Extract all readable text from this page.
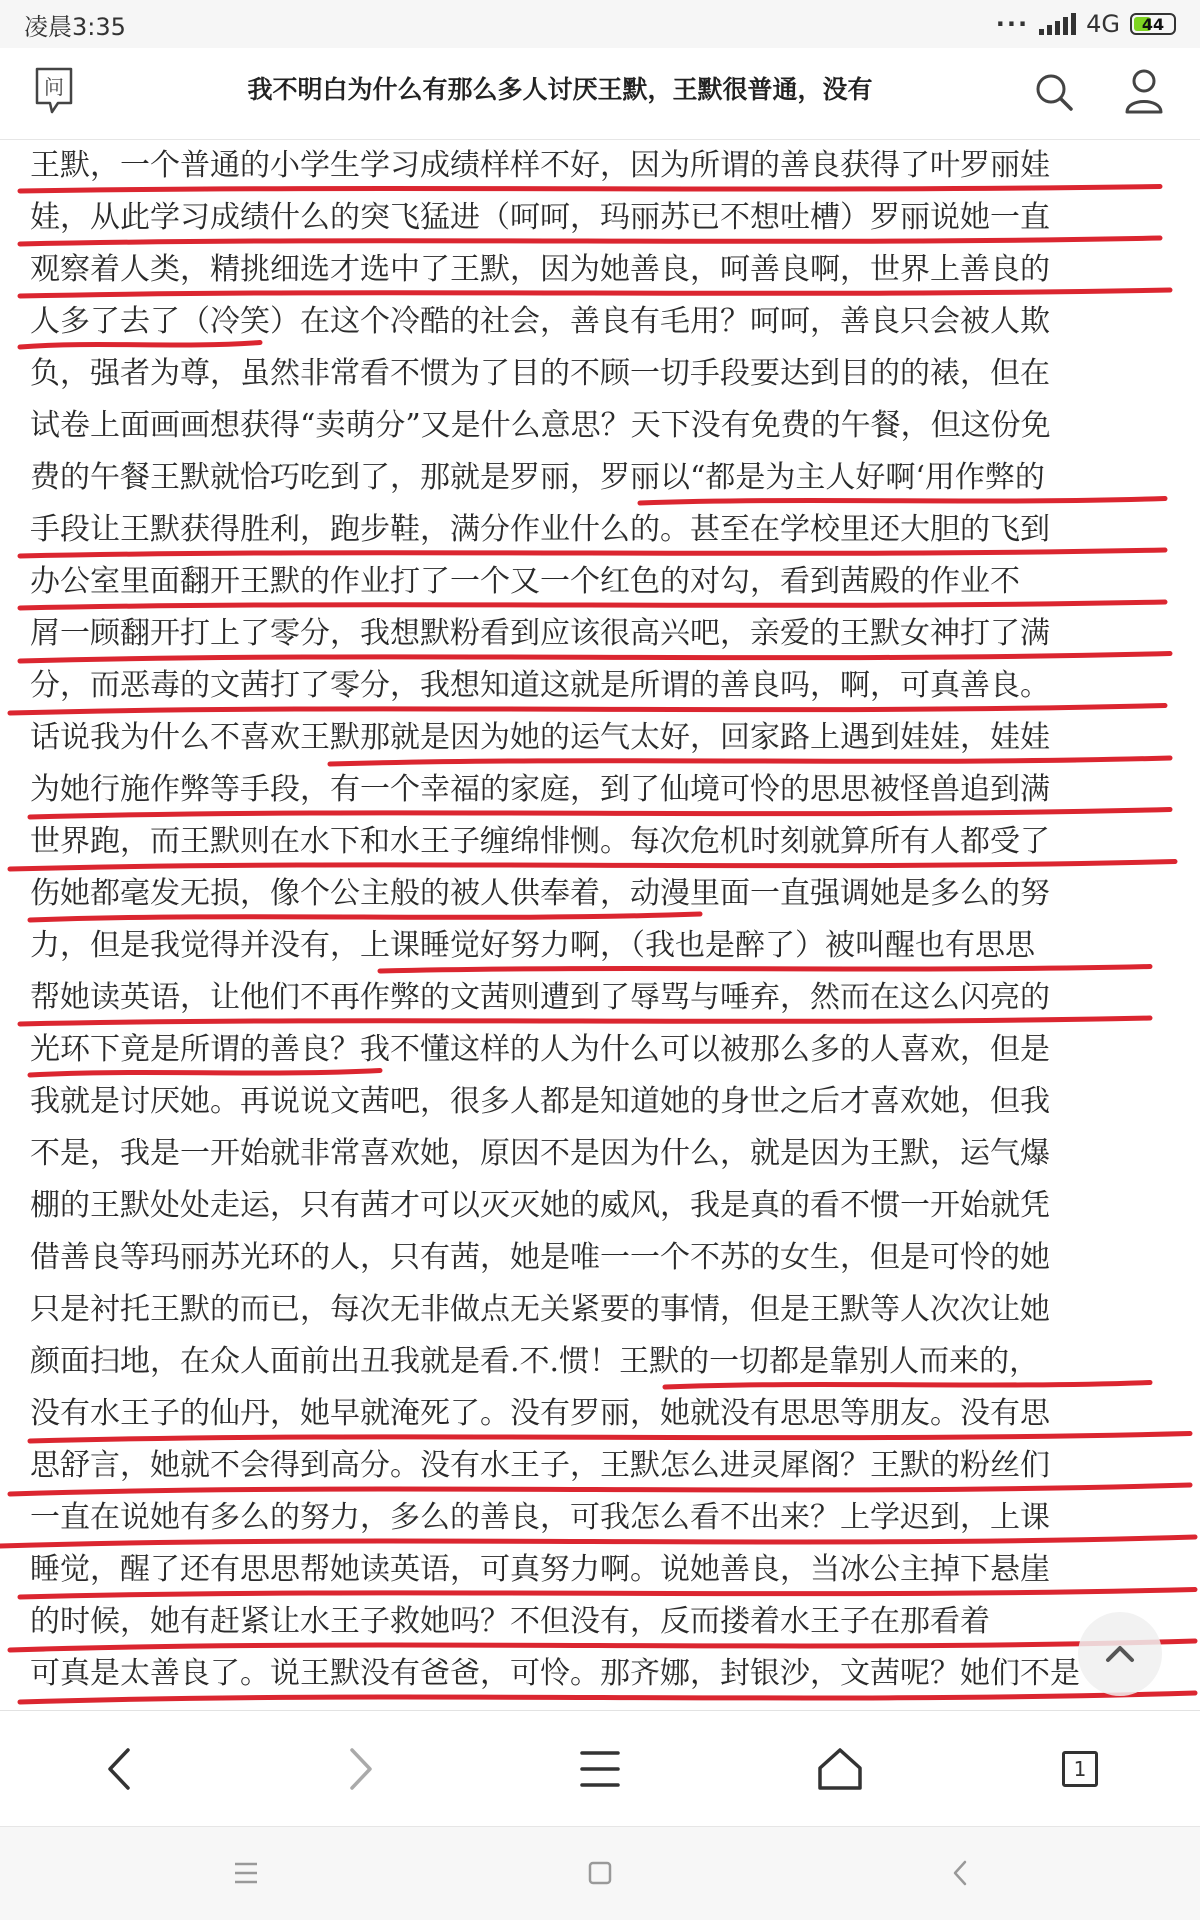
凌晨3:35	··· 4G 44
问	我不明白为什么有那么多人讨厌王默，王默很普通，没有
王默，一个普通的小学生学习成绩样样不好，因为所谓的善良获得了叶罗丽娃
娃，从此学习成绩什么的突飞猛进（呵呵，玛丽苏已不想吐槽）罗丽说她一直
观察着人类，精挑细选才选中了王默，因为她善良，呵善良啊，世界上善良的
人多了去了（冷笑）在这个冷酷的社会，善良有毛用？呵呵，善良只会被人欺
负，强者为尊，虽然非常看不惯为了目的不顾一切手段要达到目的的裱，但在
试卷上面画画想获得“卖萌分”又是什么意思？天下没有免费的午餐，但这份免
费的午餐王默就恰巧吃到了，那就是罗丽，罗丽以“都是为主人好啊‘用作弊的
手段让王默获得胜利，跑步鞋，满分作业什么的。甚至在学校里还大胆的飞到
办公室里面翻开王默的作业打了一个又一个红色的对勾，看到茜殿的作业不
屑一顾翻开打上了零分，我想默粉看到应该很高兴吧，亲爱的王默女神打了满
分，而恶毒的文茜打了零分，我想知道这就是所谓的善良吗，啊，可真善良。
话说我为什么不喜欢王默那就是因为她的运气太好，回家路上遇到娃娃，娃娃
为她行施作弊等手段，有一个幸福的家庭，到了仙境可怜的思思被怪兽追到满
世界跑，而王默则在水下和水王子缠绵悱恻。每次危机时刻就算所有人都受了
伤她都毫发无损，像个公主般的被人供奉着，动漫里面一直强调她是多么的努
力，但是我觉得并没有，上课睡觉好努力啊，（我也是醉了）被叫醒也有思思
帮她读英语，让他们不再作弊的文茜则遭到了辱骂与唾弃，然而在这么闪亮的
光环下竟是所谓的善良？我不懂这样的人为什么可以被那么多的人喜欢，但是
我就是讨厌她。再说说文茜吧，很多人都是知道她的身世之后才喜欢她，但我
不是，我是一开始就非常喜欢她，原因不是因为什么，就是因为王默，运气爆
棚的王默处处走运，只有茜才可以灭灭她的威风，我是真的看不惯一开始就凭
借善良等玛丽苏光环的人，只有茜，她是唯一一个不苏的女生，但是可怜的她
只是衬托王默的而已，每次无非做点无关紧要的事情，但是王默等人次次让她
颜面扫地，在众人面前出丑我就是看.不.惯！王默的一切都是靠别人而来的，
没有水王子的仙丹，她早就淹死了。没有罗丽，她就没有思思等朋友。没有思
思舒言，她就不会得到高分。没有水王子，王默怎么进灵犀阁？王默的粉丝们
一直在说她有多么的努力，多么的善良，可我怎么看不出来？上学迟到，上课
睡觉，醒了还有思思帮她读英语，可真努力啊。说她善良，当冰公主掉下悬崖
的时候，她有赶紧让水王子救她吗？不但没有，反而搂着水王子在那看着
可真是太善良了。说王默没有爸爸，可怜。那齐娜，封银沙，文茜呢？她们不是
1
